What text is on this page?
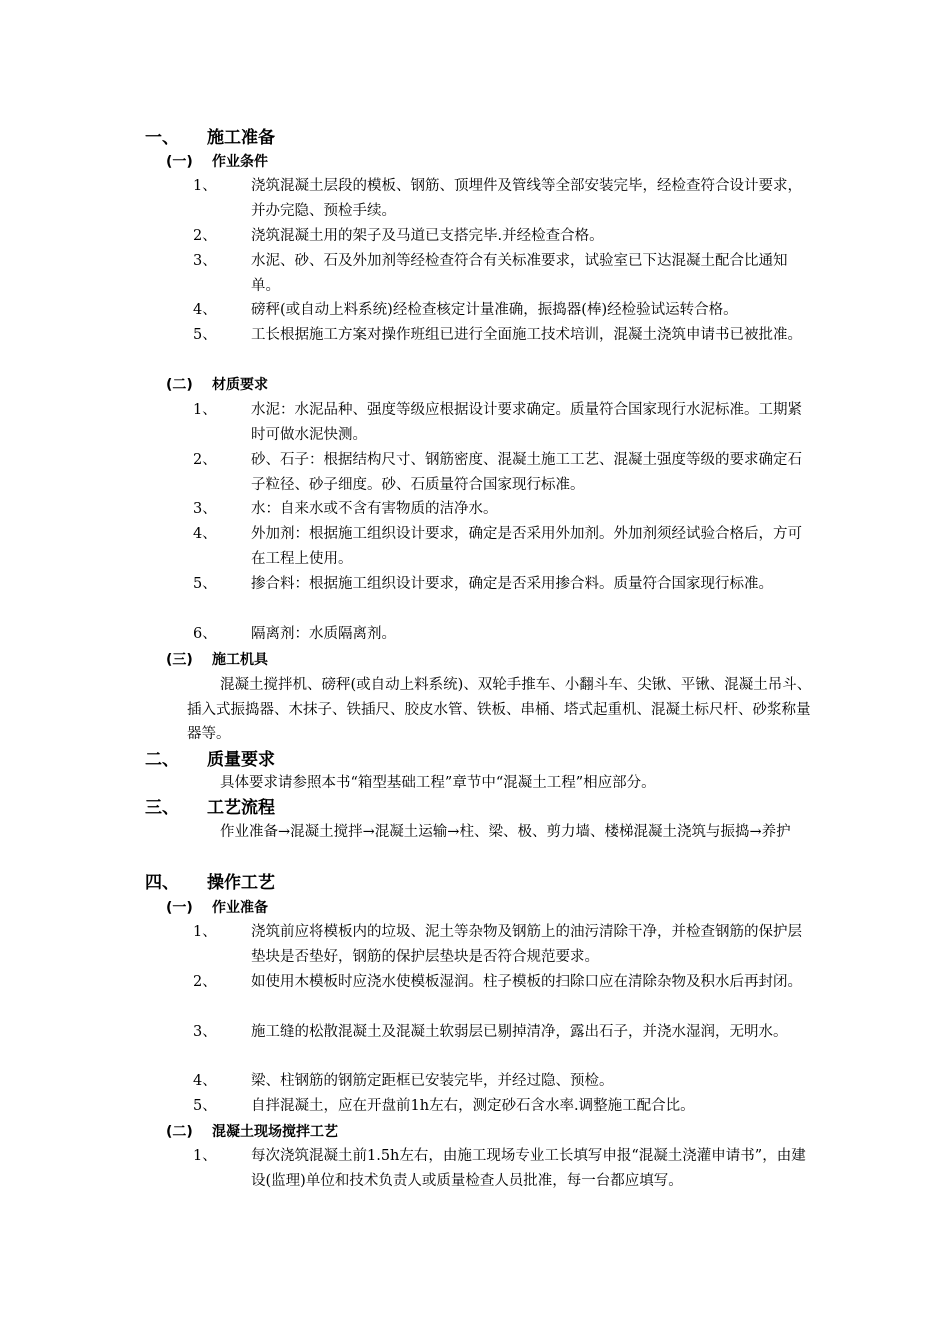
一、 施工准备
(一) 作业条件
1、	浇筑混凝土层段的模板、钢筋、顶埋件及管线等全部安装完毕，经检查符合设计要求，并办完隐、预检手续。
2、	浇筑混凝土用的架子及马道已支搭完毕.并经检查合格。
3、	水泥、砂、石及外加剂等经检查符合有关标准要求，试验室已下达混凝土配合比通知单。
4、	磅秤(或自动上料系统)经检查核定计量准确，振捣器(棒)经检验试运转合格。
5、	工长根据施工方案对操作班组已进行全面施工技术培训，混凝土浇筑申请书已被批准。
(二) 材质要求
1、	水泥：水泥品种、强度等级应根据设计要求确定。质量符合国家现行水泥标准。工期紧时可做水泥快测。
2、	砂、石子：根据结构尺寸、钢筋密度、混凝土施工工艺、混凝土强度等级的要求确定石子粒径、砂子细度。砂、石质量符合国家现行标准。
3、	水：自来水或不含有害物质的洁净水。
4、	外加剂：根据施工组织设计要求，确定是否采用外加剂。外加剂须经试验合格后，方可在工程上使用。
5、	掺合料：根据施工组织设计要求，确定是否采用掺合料。质量符合国家现行标准。
6、	隔离剂：水质隔离剂。
(三) 施工机具
混凝土搅拌机、磅秤(或自动上料系统)、双轮手推车、小翻斗车、尖锹、平锹、混凝土吊斗、插入式振捣器、木抹子、铁插尺、胶皮水管、铁板、串桶、塔式起重机、混凝土标尺杆、砂浆称量器等。
二、 质量要求
具体要求请参照本书“箱型基础工程”章节中“混凝土工程”相应部分。
三、 工艺流程
作业准备→混凝土搅拌→混凝土运输→柱、梁、极、剪力墙、楼梯混凝土浇筑与振捣→养护
四、 操作工艺
(一) 作业准备
1、	浇筑前应将模板内的垃圾、泥土等杂物及钢筋上的油污清除干净，并检查钢筋的保护层垫块是否垫好，钢筋的保护层垫块是否符合规范要求。
2、	如使用木模板时应浇水使模板湿润。柱子模板的扫除口应在清除杂物及积水后再封闭。
3、	施工缝的松散混凝土及混凝土软弱层已剔掉清净，露出石子，并浇水湿润，无明水。
4、	梁、柱钢筋的钢筋定距框已安装完毕，并经过隐、预检。
5、	自拌混凝土，应在开盘前1h左右，测定砂石含水率.调整施工配合比。
(二) 混凝土现场搅拌工艺
1、	每次浇筑混凝土前1.5h左右，由施工现场专业工长填写申报“混凝土浇灌申请书”，由建设(监理)单位和技术负责人或质量检查人员批准，每一台都应填写。
